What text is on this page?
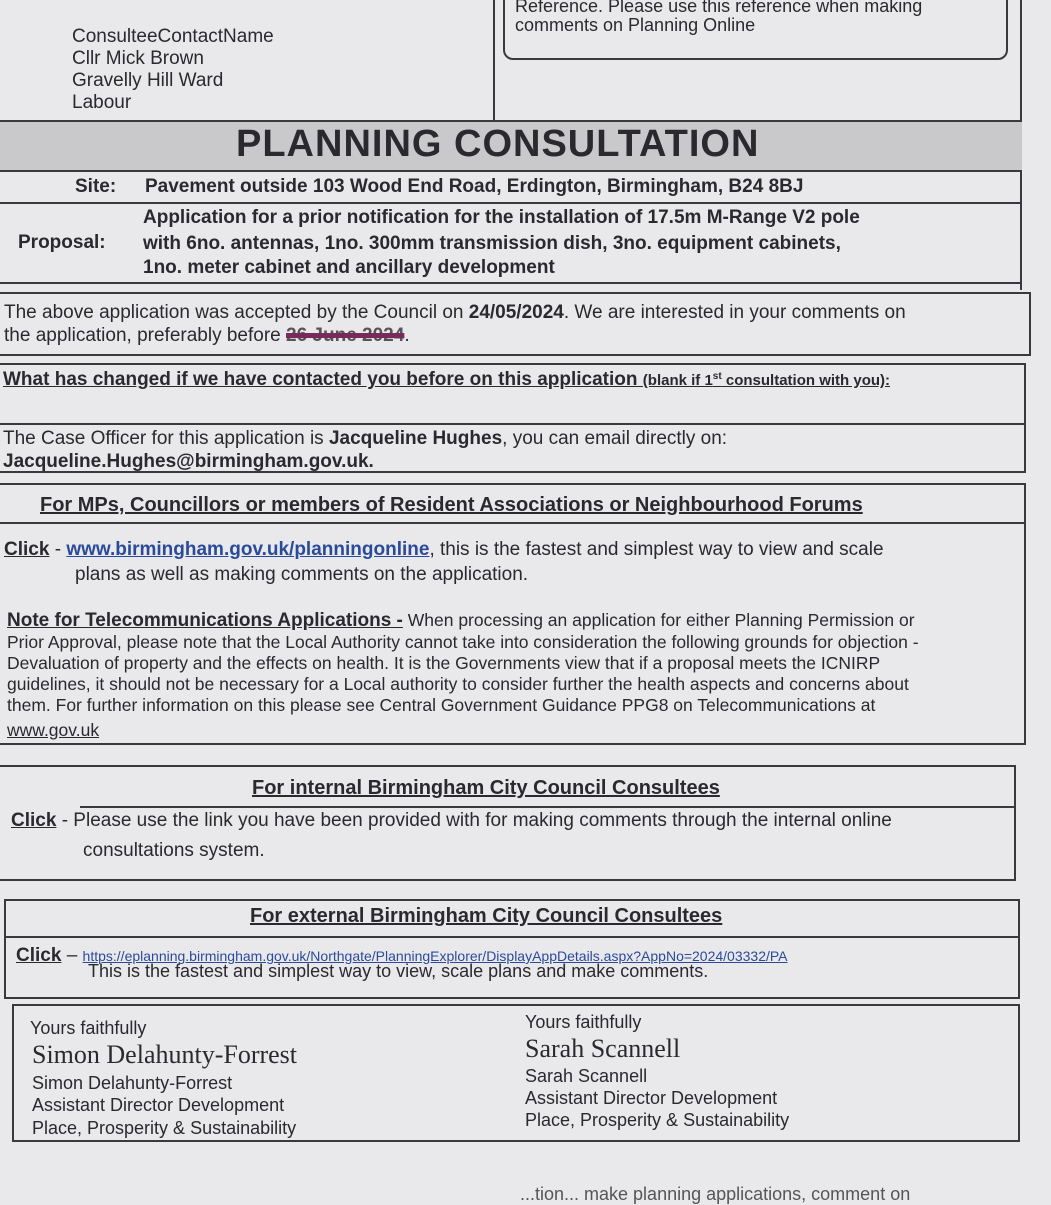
ConsulteeContactName
Cllr Mick Brown
Gravelly Hill Ward
Labour
Reference. Please use this reference when making
comments on Planning Online
PLANNING CONSULTATION
Site: Pavement outside 103 Wood End Road, Erdington, Birmingham, B24 8BJ
Proposal:
Application for a prior notification for the installation of 17.5m M-Range V2 pole
with 6no. antennas, 1no. 300mm transmission dish, 3no. equipment cabinets,
1no. meter cabinet and ancillary development
The above application was accepted by the Council on 24/05/2024. We are interested in your comments on
the application, preferably before 26 June 2024.
What has changed if we have contacted you before on this application (blank if 1st consultation with you):
The Case Officer for this application is Jacqueline Hughes, you can email directly on:
Jacqueline.Hughes@birmingham.gov.uk.
For MPs, Councillors or members of Resident Associations or Neighbourhood Forums
Click - www.birmingham.gov.uk/planningonline, this is the fastest and simplest way to view and scale
plans as well as making comments on the application.
Note for Telecommunications Applications - When processing an application for either Planning Permission or
Prior Approval, please note that the Local Authority cannot take into consideration the following grounds for objection -
Devaluation of property and the effects on health. It is the Governments view that if a proposal meets the ICNIRP
guidelines, it should not be necessary for a Local authority to consider further the health aspects and concerns about
them. For further information on this please see Central Government Guidance PPG8 on Telecommunications at
www.gov.uk
For internal Birmingham City Council Consultees
Click - Please use the link you have been provided with for making comments through the internal online
consultations system.
For external Birmingham City Council Consultees
Click – https://eplanning.birmingham.gov.uk/Northgate/PlanningExplorer/DisplayAppDetails.aspx?AppNo=2024/03332/PA
This is the fastest and simplest way to view, scale plans and make comments.
Yours faithfully
Simon Delahunty-Forrest
Simon Delahunty-Forrest
Assistant Director Development
Place, Prosperity & Sustainability
Yours faithfully
Sarah Scannell
Sarah Scannell
Assistant Director Development
Place, Prosperity & Sustainability
...tion... make planning applications, comment on
